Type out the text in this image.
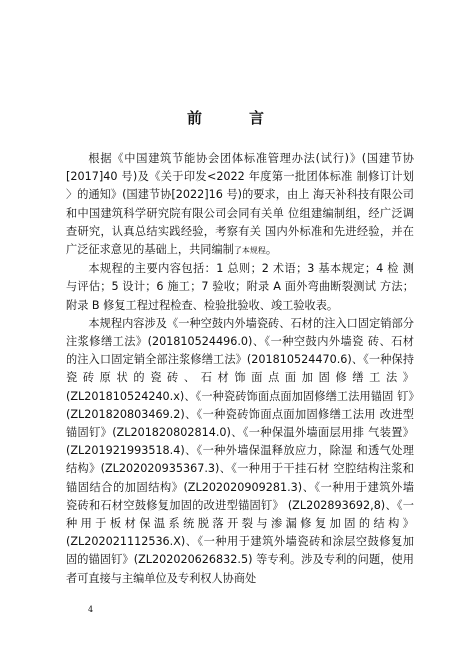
前　言

根据《中国建筑节能协会团体标准管理办法(试行)》(国建节协[2017]40 号)及《关于印发<2022 年度第一批团体标准 制修订计划 〉的通知》(国建节协[2022]16 号)的要求，由上 海天补科技有限公司和中国建筑科学研究院有限公司会同有关单 位组建编制组，经广泛调查研究，认真总结实践经验，考察有关 国内外标准和先进经验，并在广泛征求意见的基础上，共同编制了本规程。

本规程的主要内容包括：1 总则；2 术语；3 基本规定；4 检 测与评估；5 设计；6 施工；7 验收；附录 A 面外弯曲断裂测试 方法；附录 B 修复工程过程检查、检验批验收、竣工验收表。

本规程内容涉及《一种空鼓内外墙瓷砖、石材的注入口固定销部分注浆修缮工法》(201810524496.0)、《一种空鼓内外墙瓷 砖、石材的注入口固定销全部注浆修缮工法》(201810524470.6)、《一种保持瓷砖原状的瓷砖、石材饰面点面加固修缮工法》 (ZL201810524240.x)、《一种瓷砖饰面点面加固修缮工法用锚固 钉》(ZL201820803469.2)、《一种瓷砖饰面点面加固修缮工法用 改进型锚固钉》(ZL201820802814.0)、《一种保温外墙面层用排 气装置》(ZL201921993518.4)、《一种外墙保温释放应力，除湿 和透气处理结构》(ZL202020935367.3)、《一种用于干挂石材 空腔结构注浆和锚固结合的加固结构》(ZL202020909281.3)、《一种用于建筑外墙瓷砖和石材空鼓修复加固的改进型锚固钉》 (ZL202893692,8)、《一种用于板材保温系统脱落开裂与渗漏修复加固的结构》(ZL202021112536.X)、《一种用于建筑外墙瓷砖和涂层空鼓修复加固的锚固钉》(ZL202020626832.5) 等专利。涉及专利的问题，使用者可直接与主编单位及专利权人协商处

4
